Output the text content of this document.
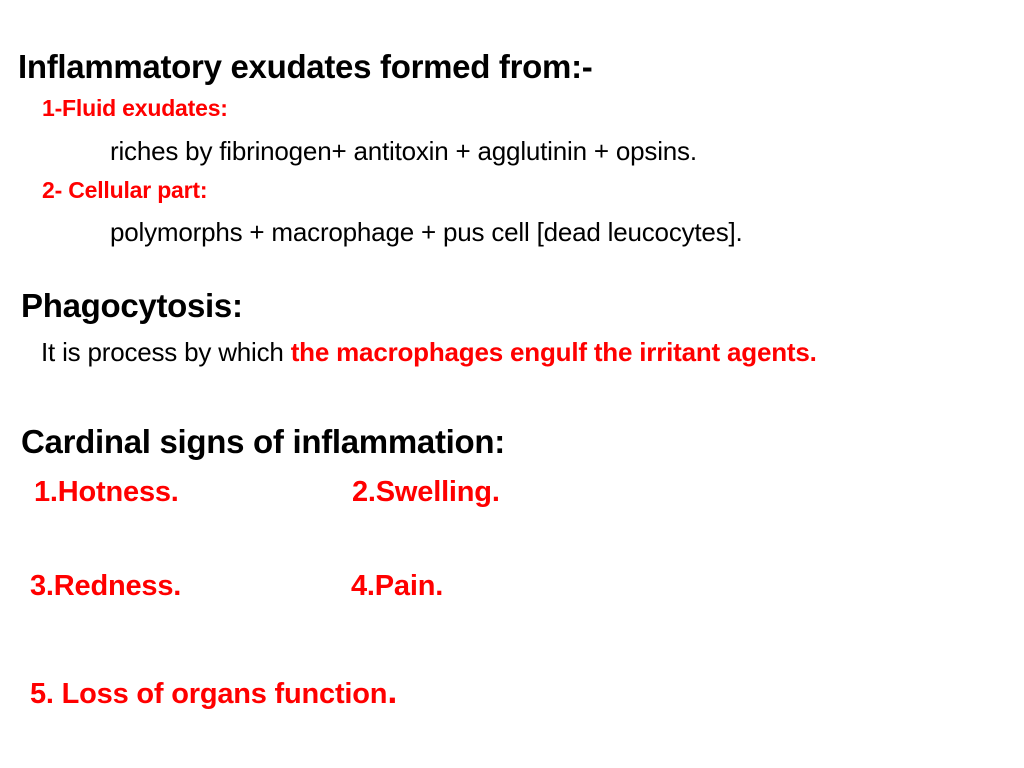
Inflammatory exudates formed from:-
1-Fluid exudates:
riches by fibrinogen+ antitoxin + agglutinin + opsins.
2- Cellular part:
polymorphs + macrophage + pus cell [dead leucocytes].
Phagocytosis:
It is process by which the macrophages engulf the irritant agents.
Cardinal signs of inflammation:
1.Hotness.	2.Swelling.
3.Redness.	4.Pain.
5. Loss of organs function.
